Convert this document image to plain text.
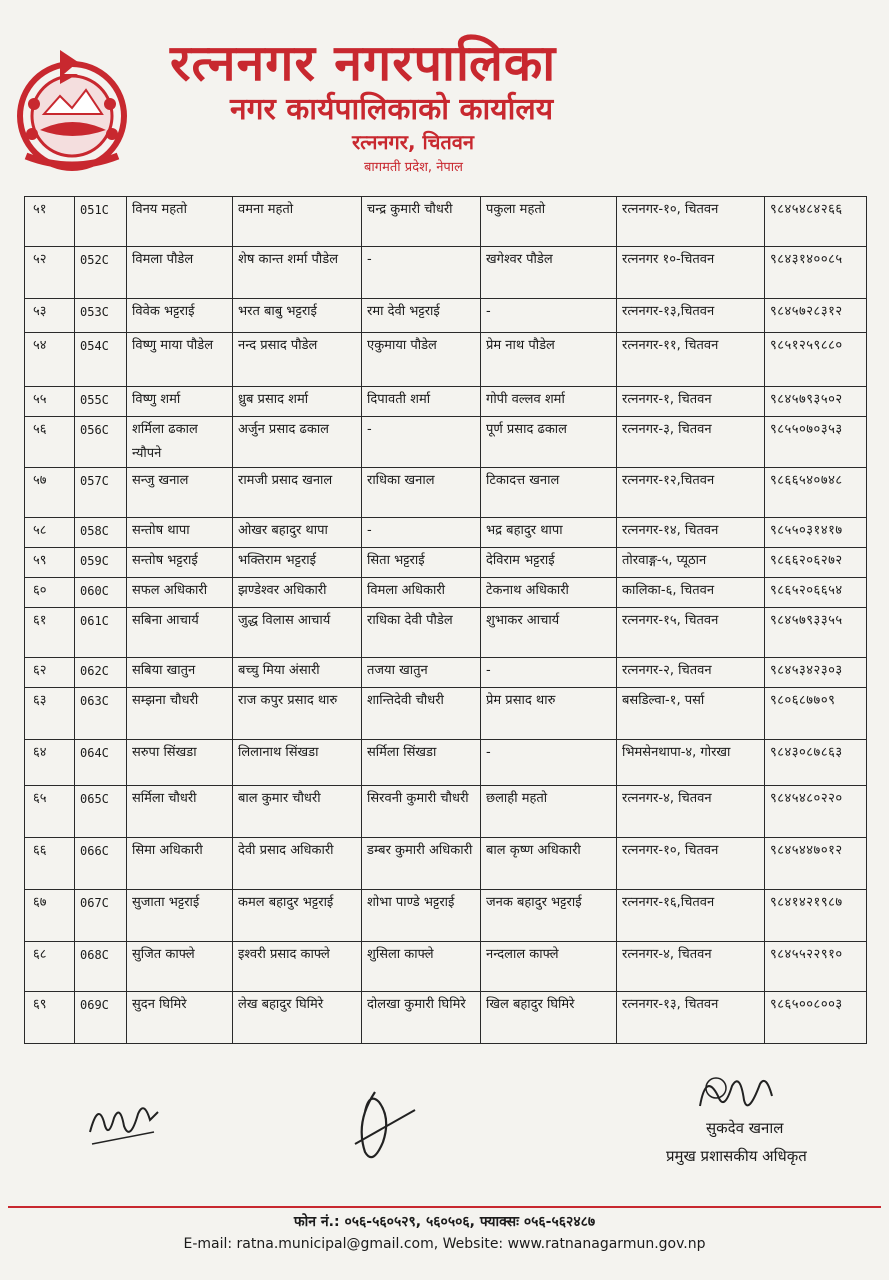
रत्ननगर नगरपालिका
नगर कार्यपालिकाको कार्यालय
रत्ननगर, चितवन
बागमती प्रदेश, नेपाल
५१	051C	विनय महतो	वमना महतो	चन्द्र कुमारी चौधरी	पकुला महतो	रत्ननगर-१०, चितवन	९८४५४८४२६६
५२	052C	विमला पौडेल	शेष कान्त शर्मा पौडेल	-	खगेश्वर पौडेल	रत्ननगर १०-चितवन	९८४३१४००८५
५३	053C	विवेक भट्टराई	भरत बाबु भट्टराई	रमा देवी भट्टराई	-	रत्ननगर-१३,चितवन	९८४५७२८३१२
५४	054C	विष्णु माया पौडेल	नन्द प्रसाद पौडेल	एकुमाया पौडेल	प्रेम नाथ पौडेल	रत्ननगर-११, चितवन	९८५१२५९८८०
५५	055C	विष्णु शर्मा	ध्रुब प्रसाद शर्मा	दिपावती शर्मा	गोपी वल्लव शर्मा	रत्ननगर-१, चितवन	९८४५७९३५०२
५६	056C	शर्मिला ढकाल न्यौपने	अर्जुन प्रसाद ढकाल	-	पूर्ण प्रसाद ढकाल	रत्ननगर-३, चितवन	९८५५०७०३५३
५७	057C	सन्जु खनाल	रामजी प्रसाद खनाल	राधिका खनाल	टिकादत्त खनाल	रत्ननगर-१२,चितवन	९८६६५४०७४८
५८	058C	सन्तोष थापा	ओखर बहादुर थापा	-	भद्र बहादुर थापा	रत्ननगर-१४, चितवन	९८५५०३१४१७
५९	059C	सन्तोष भट्टराई	भक्तिराम भट्टराई	सिता भट्टराई	देविराम भट्टराई	तोरवाङ्ग-५, प्यूठान	९८६६२०६२७२
६०	060C	सफल अधिकारी	झण्डेश्वर अधिकारी	विमला अधिकारी	टेकनाथ अधिकारी	कालिका-६, चितवन	९८६५२०६६५४
६१	061C	सबिना आचार्य	जुद्ध विलास आचार्य	राधिका देवी पौडेल	शुभाकर आचार्य	रत्ननगर-१५, चितवन	९८४५७९३३५५
६२	062C	सबिया खातुन	बच्चु मिया अंसारी	तजया खातुन	-	रत्ननगर-२, चितवन	९८४५३४२३०३
६३	063C	सम्झना चौधरी	राज कपुर प्रसाद थारु	शान्तिदेवी चौधरी	प्रेम प्रसाद थारु	बसडिल्वा-१, पर्सा	९८०६८७७०९
६४	064C	सरुपा सिंखडा	लिलानाथ सिंखडा	सर्मिला सिंखडा	-	भिमसेनथापा-४, गोरखा	९८४३०८७८६३
६५	065C	सर्मिला चौधरी	बाल कुमार चौधरी	सिरवनी कुमारी चौधरी	छलाही महतो	रत्ननगर-४, चितवन	९८४५४८०२२०
६६	066C	सिमा अधिकारी	देवी प्रसाद अधिकारी	डम्बर कुमारी अधिकारी	बाल कृष्ण अधिकारी	रत्ननगर-१०, चितवन	९८४५४४७०१२
६७	067C	सुजाता भट्टराई	कमल बहादुर भट्टराई	शोभा पाण्डे भट्टराई	जनक बहादुर भट्टराई	रत्ननगर-१६,चितवन	९८४१४२१९८७
६८	068C	सुजित काफ्ले	इश्वरी प्रसाद काफ्ले	शुसिला काफ्ले	नन्दलाल काफ्ले	रत्ननगर-४, चितवन	९८४५५२२९१०
६९	069C	सुदन घिमिरे	लेख बहादुर घिमिरे	दोलखा कुमारी घिमिरे	खिल बहादुर घिमिरे	रत्ननगर-१३, चितवन	९८६५००८००३
सुकदेव खनाल
प्रमुख प्रशासकीय अधिकृत
फोन नं.: ०५६-५६०५२९, ५६०५०६, फ्याक्सः ०५६-५६२४८७
E-mail: ratna.municipal@gmail.com, Website: www.ratnanagarmun.gov.np
